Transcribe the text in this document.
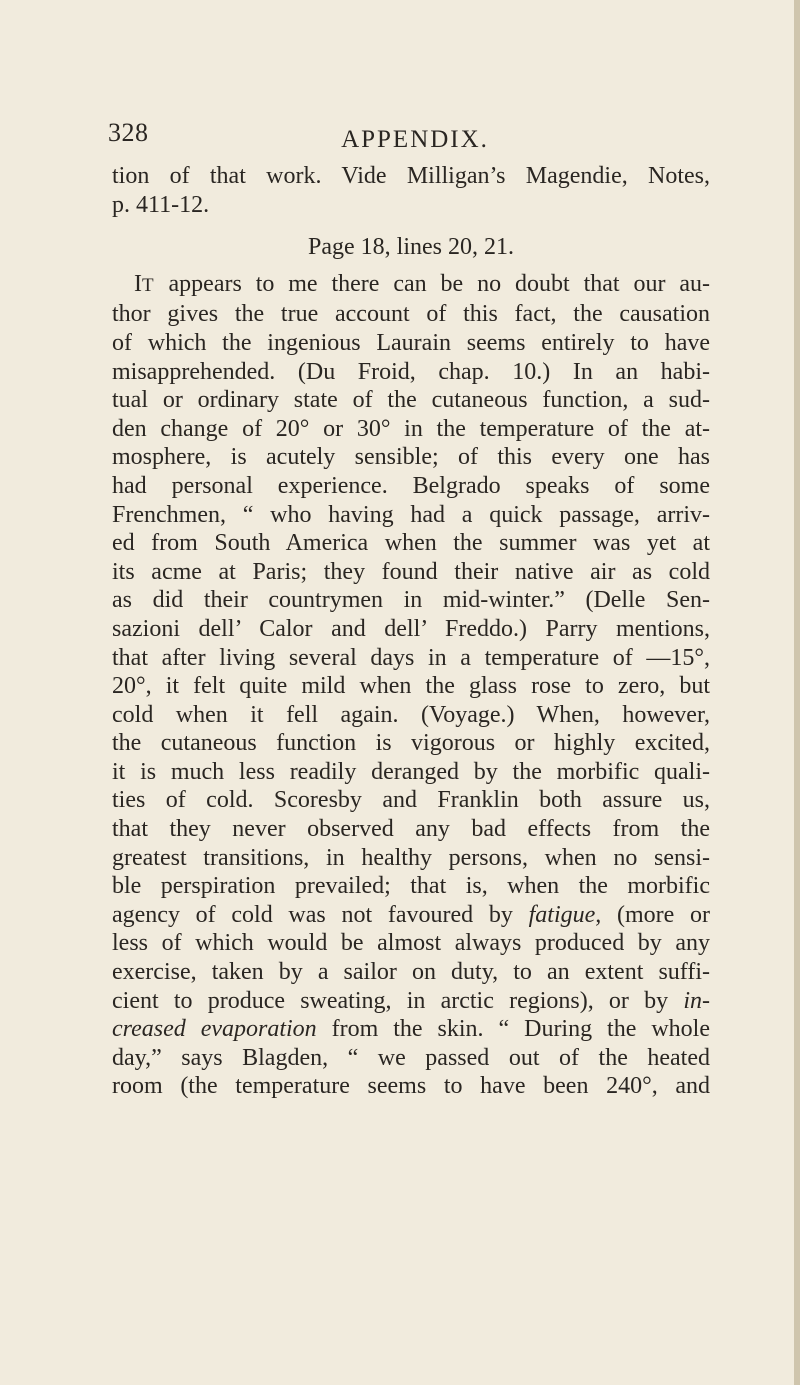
328	APPENDIX.
tion of that work. Vide Milligan’s Magendie, Notes,
p. 411-12.
Page 18, lines 20, 21.
IT appears to me there can be no doubt that our au-
thor gives the true account of this fact, the causation
of which the ingenious Laurain seems entirely to have
misapprehended. (Du Froid, chap. 10.) In an habi-
tual or ordinary state of the cutaneous function, a sud-
den change of 20° or 30° in the temperature of the at-
mosphere, is acutely sensible; of this every one has
had personal experience. Belgrado speaks of some
Frenchmen, “ who having had a quick passage, arriv-
ed from South America when the summer was yet at
its acme at Paris; they found their native air as cold
as did their countrymen in mid-winter.” (Delle Sen-
sazioni dell’ Calor and dell’ Freddo.) Parry mentions,
that after living several days in a temperature of —15°,
20°, it felt quite mild when the glass rose to zero, but
cold when it fell again. (Voyage.) When, however,
the cutaneous function is vigorous or highly excited,
it is much less readily deranged by the morbific quali-
ties of cold. Scoresby and Franklin both assure us,
that they never observed any bad effects from the
greatest transitions, in healthy persons, when no sensi-
ble perspiration prevailed; that is, when the morbific
agency of cold was not favoured by fatigue, (more or
less of which would be almost always produced by any
exercise, taken by a sailor on duty, to an extent suffi-
cient to produce sweating, in arctic regions), or by in-
creased evaporation from the skin. “ During the whole
day,” says Blagden, “ we passed out of the heated
room (the temperature seems to have been 240°, and
